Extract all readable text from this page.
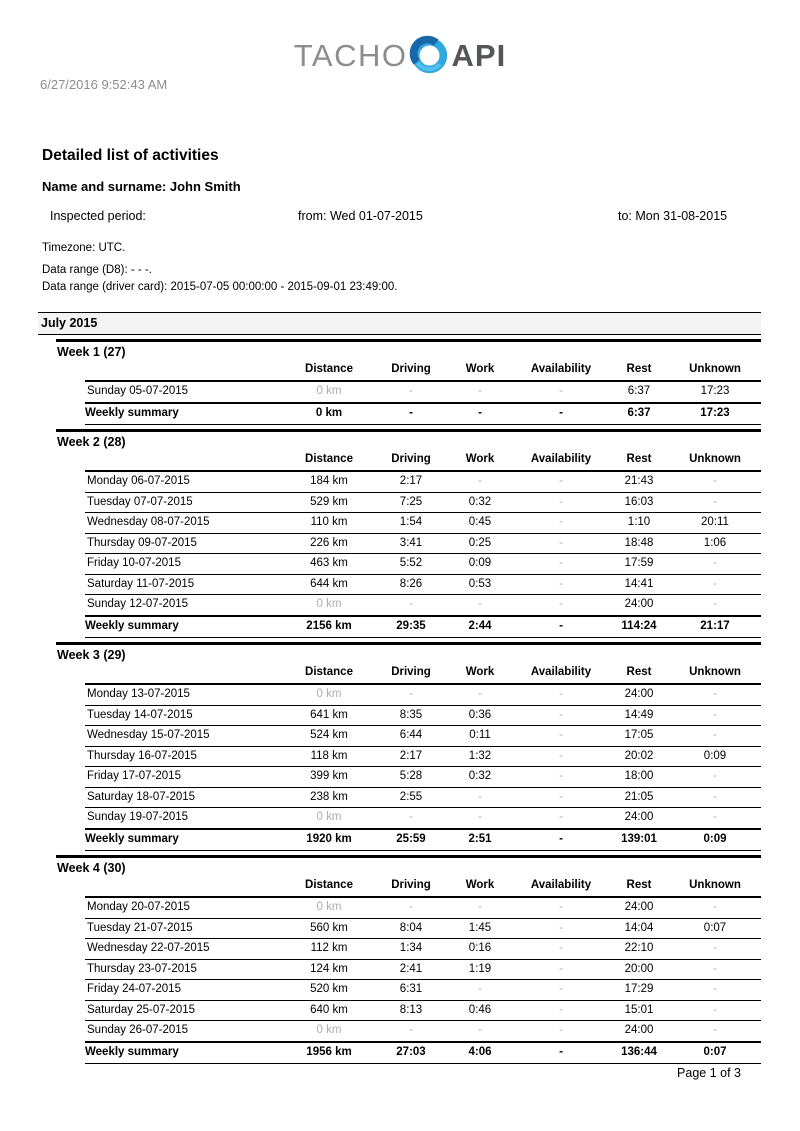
TACHO API
6/27/2016 9:52:43 AM
Detailed list of activities
Name and surname: John Smith
Inspected period:	from: Wed 01-07-2015	to: Mon 31-08-2015
Timezone: UTC.
Data range (D8): - - -.
Data range (driver card): 2015-07-05 00:00:00 - 2015-09-01 23:49:00.
July 2015
Week 1 (27)
	Distance	Driving	Work	Availability	Rest	Unknown
Sunday 05-07-2015	0 km	-	-	-	6:37	17:23
Weekly summary	0 km	-	-	-	6:37	17:23
Week 2 (28)
	Distance	Driving	Work	Availability	Rest	Unknown
Monday 06-07-2015	184 km	2:17	-	-	21:43	-
Tuesday 07-07-2015	529 km	7:25	0:32	-	16:03	-
Wednesday 08-07-2015	110 km	1:54	0:45	-	1:10	20:11
Thursday 09-07-2015	226 km	3:41	0:25	-	18:48	1:06
Friday 10-07-2015	463 km	5:52	0:09	-	17:59	-
Saturday 11-07-2015	644 km	8:26	0:53	-	14:41	-
Sunday 12-07-2015	0 km	-	-	-	24:00	-
Weekly summary	2156 km	29:35	2:44	-	114:24	21:17
Week 3 (29)
	Distance	Driving	Work	Availability	Rest	Unknown
Monday 13-07-2015	0 km	-	-	-	24:00	-
Tuesday 14-07-2015	641 km	8:35	0:36	-	14:49	-
Wednesday 15-07-2015	524 km	6:44	0:11	-	17:05	-
Thursday 16-07-2015	118 km	2:17	1:32	-	20:02	0:09
Friday 17-07-2015	399 km	5:28	0:32	-	18:00	-
Saturday 18-07-2015	238 km	2:55	-	-	21:05	-
Sunday 19-07-2015	0 km	-	-	-	24:00	-
Weekly summary	1920 km	25:59	2:51	-	139:01	0:09
Week 4 (30)
	Distance	Driving	Work	Availability	Rest	Unknown
Monday 20-07-2015	0 km	-	-	-	24:00	-
Tuesday 21-07-2015	560 km	8:04	1:45	-	14:04	0:07
Wednesday 22-07-2015	112 km	1:34	0:16	-	22:10	-
Thursday 23-07-2015	124 km	2:41	1:19	-	20:00	-
Friday 24-07-2015	520 km	6:31	-	-	17:29	-
Saturday 25-07-2015	640 km	8:13	0:46	-	15:01	-
Sunday 26-07-2015	0 km	-	-	-	24:00	-
Weekly summary	1956 km	27:03	4:06	-	136:44	0:07
Page 1 of 3
